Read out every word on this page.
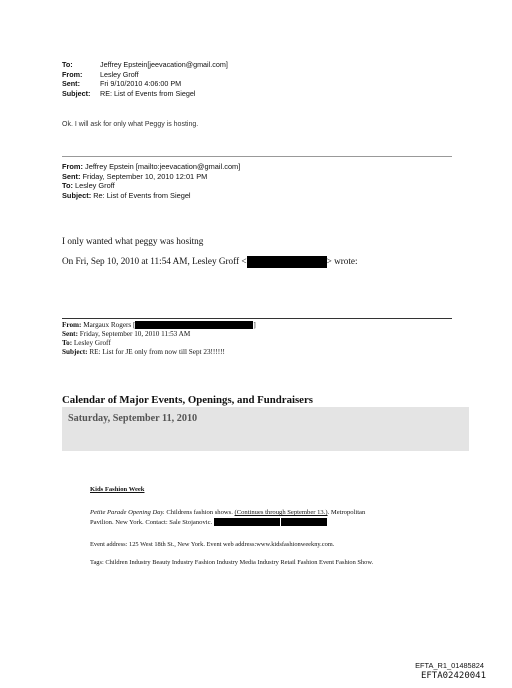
To:	Jeffrey Epstein[jeevacation@gmail.com]
From: Lesley Groff
Sent:	Fri 9/10/2010 4:06:00 PM
Subject: RE: List of Events from Siegel
Ok. I will ask for only what Peggy is hosting.
From: Jeffrey Epstein [mailto:jeevacation@gmail.com]
Sent: Friday, September 10, 2010 12:01 PM
To: Lesley Groff
Subject: Re: List of Events from Siegel
I only wanted what peggy was hositng
On Fri, Sep 10, 2010 at 11:54 AM, Lesley Groff <	> wrote:
From: Margaux Rogers [	]
Sent: Friday, September 10, 2010 11:53 AM
To: Lesley Groff
Subject: RE: List for JE only from now till Sept 23!!!!!!
Calendar of Major Events, Openings, and Fundraisers
Saturday, September 11, 2010
Kids Fashion Week
Petite Parade Opening Day. Childrens fashion shows. (Continues through September 13.). Metropolitan
Pavilion. New York. Contact: Sale Stojanovic.
Event address: 125 West 18th St., New York. Event web address:www.kidsfashionweekny.com.
Tags: Children Industry Beauty Industry Fashion Industry Media Industry Retail Fashion Event Fashion Show.
EFTA_R1_01485824
EFTA02420041
